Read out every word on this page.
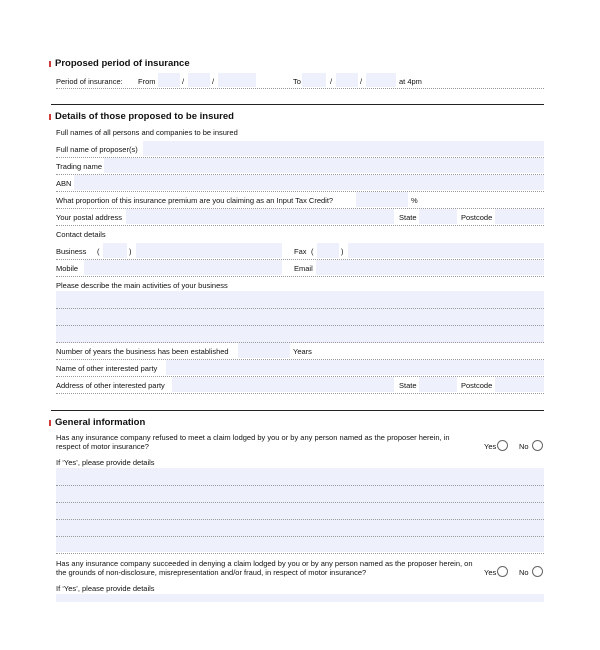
Proposed period of insurance
Period of insurance: From	/	/	To	/	/	at 4pm
Details of those proposed to be insured
Full names of all persons and companies to be insured
Full name of proposer(s)
Trading name
ABN
What proportion of this insurance premium are you claiming as an Input Tax Credit?	%
Your postal address	State	Postcode
Contact details
Business (	)	Fax (	)
Mobile	Email
Please describe the main activities of your business
Number of years the business has been established	Years
Name of other interested party
Address of other interested party	State	Postcode
General information
Has any insurance company refused to meet a claim lodged by you or by any person named as the proposer herein, in
respect of motor insurance?	Yes	No
If ‘Yes’, please provide details
Has any insurance company succeeded in denying a claim lodged by you or by any person named as the proposer herein, on
the grounds of non-disclosure, misrepresentation and/or fraud, in respect of motor insurance?	Yes	No
If ‘Yes’, please provide details
